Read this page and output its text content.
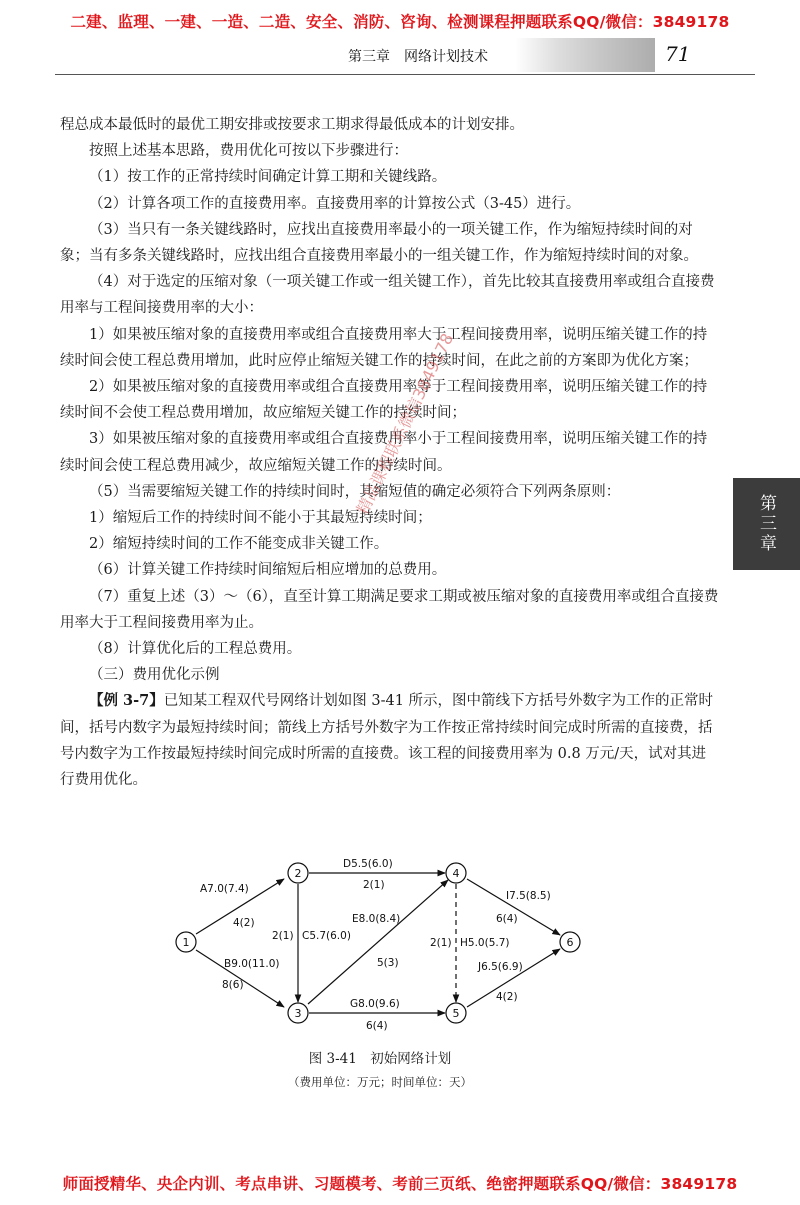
二建、监理、一建、一造、二造、安全、消防、咨询、检测课程押题联系QQ/微信：3849178
第三章　网络计划技术	71
第三章

程总成本最低时的最优工期安排或按要求工期求得最低成本的计划安排。

按照上述基本思路，费用优化可按以下步骤进行：

（1）按工作的正常持续时间确定计算工期和关键线路。

（2）计算各项工作的直接费用率。直接费用率的计算按公式（3-45）进行。

（3）当只有一条关键线路时，应找出直接费用率最小的一项关键工作，作为缩短持续时间的对象；当有多条关键线路时，应找出组合直接费用率最小的一组关键工作，作为缩短持续时间的对象。

（4）对于选定的压缩对象（一项关键工作或一组关键工作），首先比较其直接费用率或组合直接费用率与工程间接费用率的大小：

1）如果被压缩对象的直接费用率或组合直接费用率大于工程间接费用率，说明压缩关键工作的持续时间会使工程总费用增加，此时应停止缩短关键工作的持续时间，在此之前的方案即为优化方案；

2）如果被压缩对象的直接费用率或组合直接费用率等于工程间接费用率，说明压缩关键工作的持续时间不会使工程总费用增加，故应缩短关键工作的持续时间；

3）如果被压缩对象的直接费用率或组合直接费用率小于工程间接费用率，说明压缩关键工作的持续时间会使工程总费用减少，故应缩短关键工作的持续时间。

（5）当需要缩短关键工作的持续时间时，其缩短值的确定必须符合下列两条原则：

1）缩短后工作的持续时间不能小于其最短持续时间；

2）缩短持续时间的工作不能变成非关键工作。

（6）计算关键工作持续时间缩短后相应增加的总费用。

（7）重复上述（3）～（6），直至计算工期满足要求工期或被压缩对象的直接费用率或组合直接费用率大于工程间接费用率为止。

（8）计算优化后的工程总费用。

（三）费用优化示例

【例 3-7】已知某工程双代号网络计划如图 3-41 所示，图中箭线下方括号外数字为工作的正常时间，括号内数字为最短持续时间；箭线上方括号外数字为工作按正常持续时间完成时所需的直接费，括号内数字为工作按最短持续时间完成时所需的直接费。该工程的间接费用率为 0.8 万元/天，试对其进行费用优化。

精品课程联系微信3849178
1
2
3
4
5
6
A7.0(7.4)
4(2)
B9.0(11.0)
8(6)
2(1) C5.7(6.0)
D5.5(6.0)
2(1)
E8.0(8.4)
5(3)
G8.0(9.6)
6(4)
2(1) H5.0(5.7)
I7.5(8.5)
6(4)
J6.5(6.9)
4(2)
图 3-41　初始网络计划
（费用单位：万元；时间单位：天）
师面授精华、央企内训、考点串讲、习题模考、考前三页纸、绝密押题联系QQ/微信：3849178
